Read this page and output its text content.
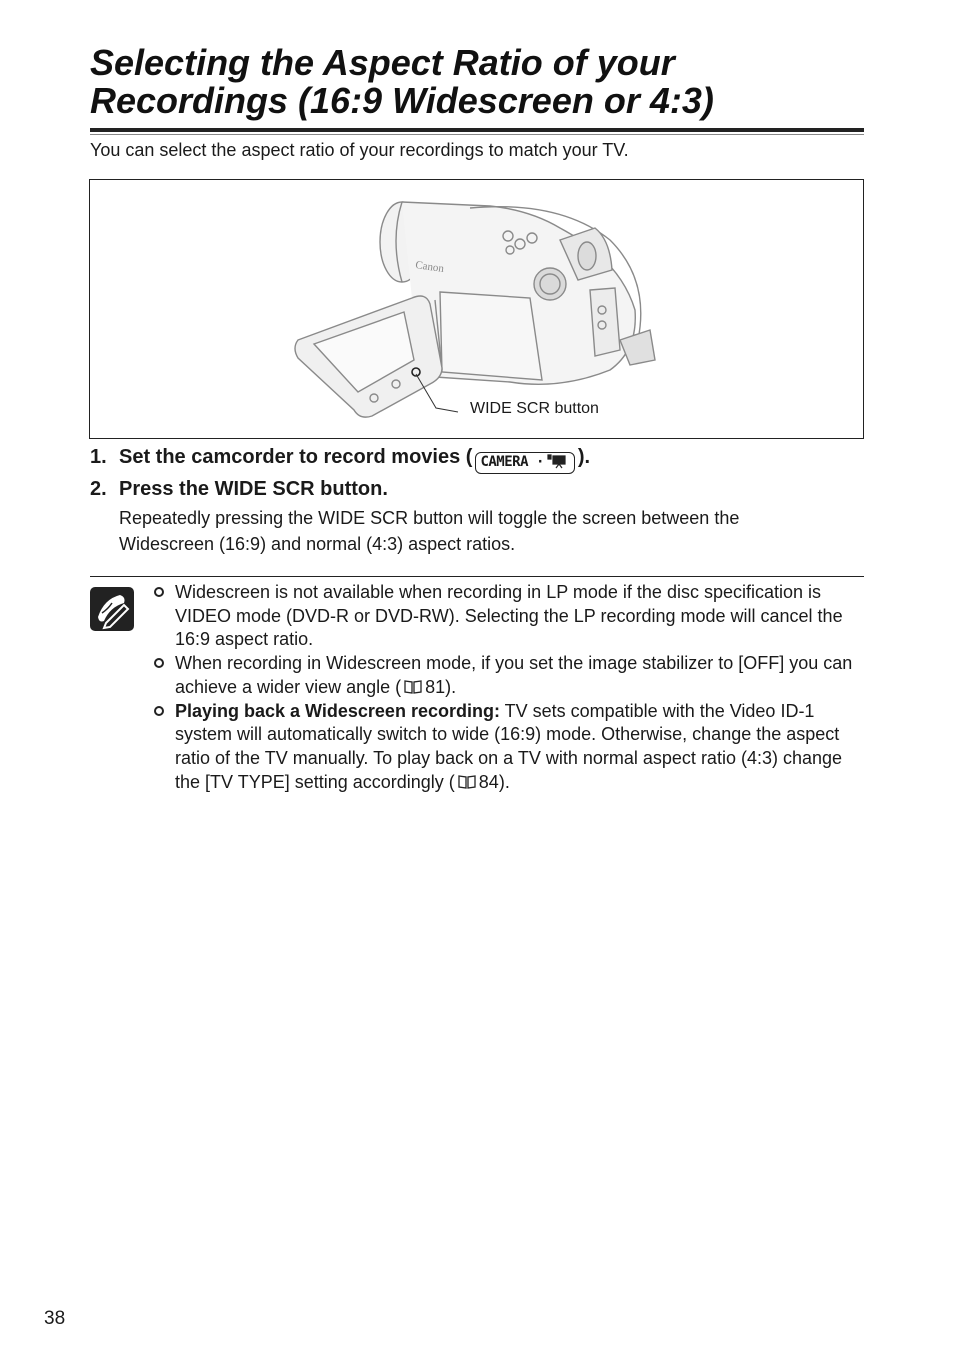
Selecting the Aspect Ratio of your
Recordings (16:9 Widescreen or 4:3)
You can select the aspect ratio of your recordings to match your TV.
Canon
WIDE SCR button
1. Set the camcorder to record movies ( CAMERA · ).
2. Press the WIDE SCR button.
Repeatedly pressing the WIDE SCR button will toggle the screen between the Widescreen (16:9) and normal (4:3) aspect ratios.
Widescreen is not available when recording in LP mode if the disc specification is VIDEO mode (DVD-R or DVD-RW). Selecting the LP recording mode will cancel the 16:9 aspect ratio.
When recording in Widescreen mode, if you set the image stabilizer to [OFF] you can achieve a wider view angle ( 81).
Playing back a Widescreen recording: TV sets compatible with the Video ID-1 system will automatically switch to wide (16:9) mode. Otherwise, change the aspect ratio of the TV manually. To play back on a TV with normal aspect ratio (4:3) change the [TV TYPE] setting accordingly ( 84).
38
